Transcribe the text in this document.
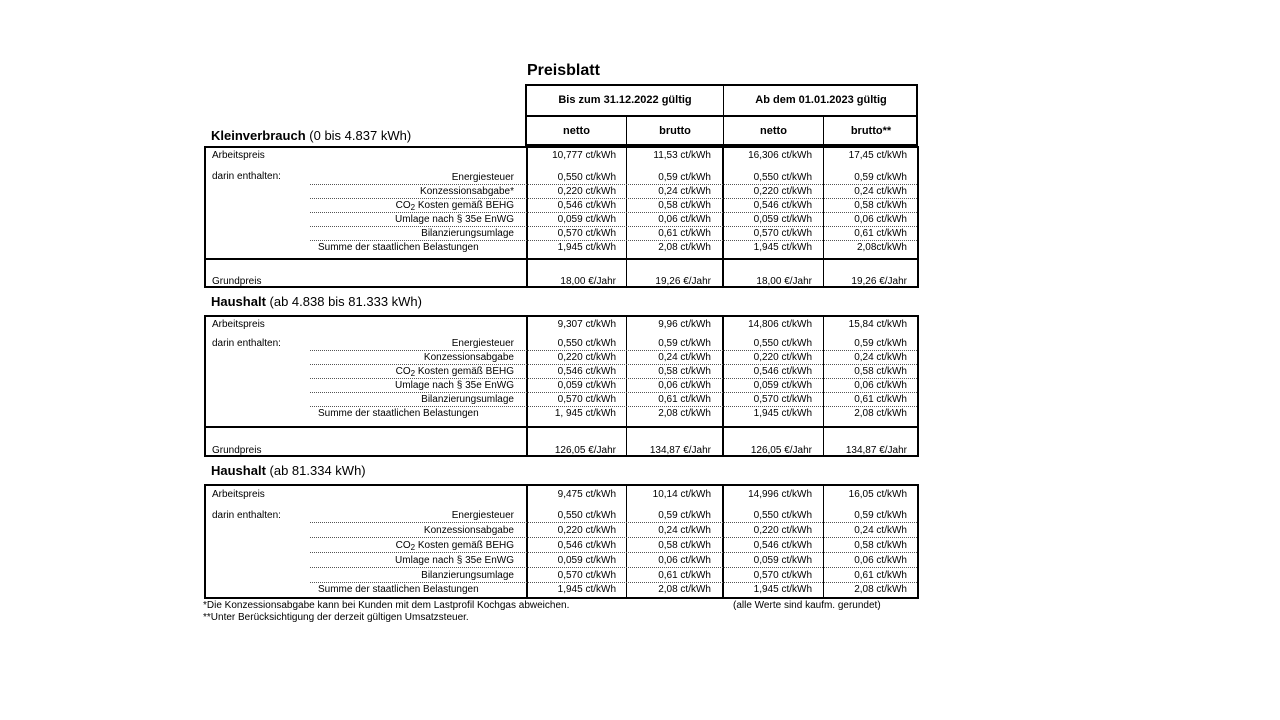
Preisblatt
Bis zum 31.12.2022 gültig	Ab dem 01.01.2023 gültig
netto	brutto	netto	brutto**
Kleinverbrauch (0 bis 4.837 kWh)
Haushalt (ab 4.838 bis 81.333 kWh)
Haushalt (ab 81.334 kWh)
Arbeitspreis	10,777 ct/kWh	11,53 ct/kWh	16,306 ct/kWh	17,45 ct/kWh
darin enthalten:	Energiesteuer	0,550 ct/kWh	0,59 ct/kWh	0,550 ct/kWh	0,59 ct/kWh
Konzessionsabgabe*	0,220 ct/kWh	0,24 ct/kWh	0,220 ct/kWh	0,24 ct/kWh
$CO_2$ Kosten gemäß BEHG	0,546 ct/kWh	0,58 ct/kWh	0,546 ct/kWh	0,58 ct/kWh
Umlage nach § 35e EnWG	0,059 ct/kWh	0,06 ct/kWh	0,059 ct/kWh	0,06 ct/kWh
Bilanzierungsumlage	0,570 ct/kWh	0,61 ct/kWh	0,570 ct/kWh	0,61 ct/kWh
Summe der staatlichen Belastungen	1,945 ct/kWh	2,08 ct/kWh	1,945 ct/kWh	2,08ct/kWh
Grundpreis	18,00 €/Jahr	19,26 €/Jahr	18,00 €/Jahr	19,26 €/Jahr
Arbeitspreis	9,307 ct/kWh	9,96 ct/kWh	14,806 ct/kWh	15,84 ct/kWh
darin enthalten:	Energiesteuer	0,550 ct/kWh	0,59 ct/kWh	0,550 ct/kWh	0,59 ct/kWh
Konzessionsabgabe	0,220 ct/kWh	0,24 ct/kWh	0,220 ct/kWh	0,24 ct/kWh
$CO_2$ Kosten gemäß BEHG	0,546 ct/kWh	0,58 ct/kWh	0,546 ct/kWh	0,58 ct/kWh
Umlage nach § 35e EnWG	0,059 ct/kWh	0,06 ct/kWh	0,059 ct/kWh	0,06 ct/kWh
Bilanzierungsumlage	0,570 ct/kWh	0,61 ct/kWh	0,570 ct/kWh	0,61 ct/kWh
Summe der staatlichen Belastungen	1, 945 ct/kWh	2,08 ct/kWh	1,945 ct/kWh	2,08 ct/kWh
Grundpreis	126,05 €/Jahr	134,87 €/Jahr	126,05 €/Jahr	134,87 €/Jahr
Arbeitspreis	9,475 ct/kWh	10,14 ct/kWh	14,996 ct/kWh	16,05 ct/kWh
darin enthalten:	Energiesteuer	0,550 ct/kWh	0,59 ct/kWh	0,550 ct/kWh	0,59 ct/kWh
Konzessionsabgabe	0,220 ct/kWh	0,24 ct/kWh	0,220 ct/kWh	0,24 ct/kWh
$CO_2$ Kosten gemäß BEHG	0,546 ct/kWh	0,58 ct/kWh	0,546 ct/kWh	0,58 ct/kWh
Umlage nach § 35e EnWG	0,059 ct/kWh	0,06 ct/kWh	0,059 ct/kWh	0,06 ct/kWh
Bilanzierungsumlage	0,570 ct/kWh	0,61 ct/kWh	0,570 ct/kWh	0,61 ct/kWh
Summe der staatlichen Belastungen	1,945 ct/kWh	2,08 ct/kWh	1,945 ct/kWh	2,08 ct/kWh
*Die Konzessionsabgabe kann bei Kunden mit dem Lastprofil Kochgas abweichen.
**Unter Berücksichtigung der derzeit gültigen Umsatzsteuer.
(alle Werte sind kaufm. gerundet)
